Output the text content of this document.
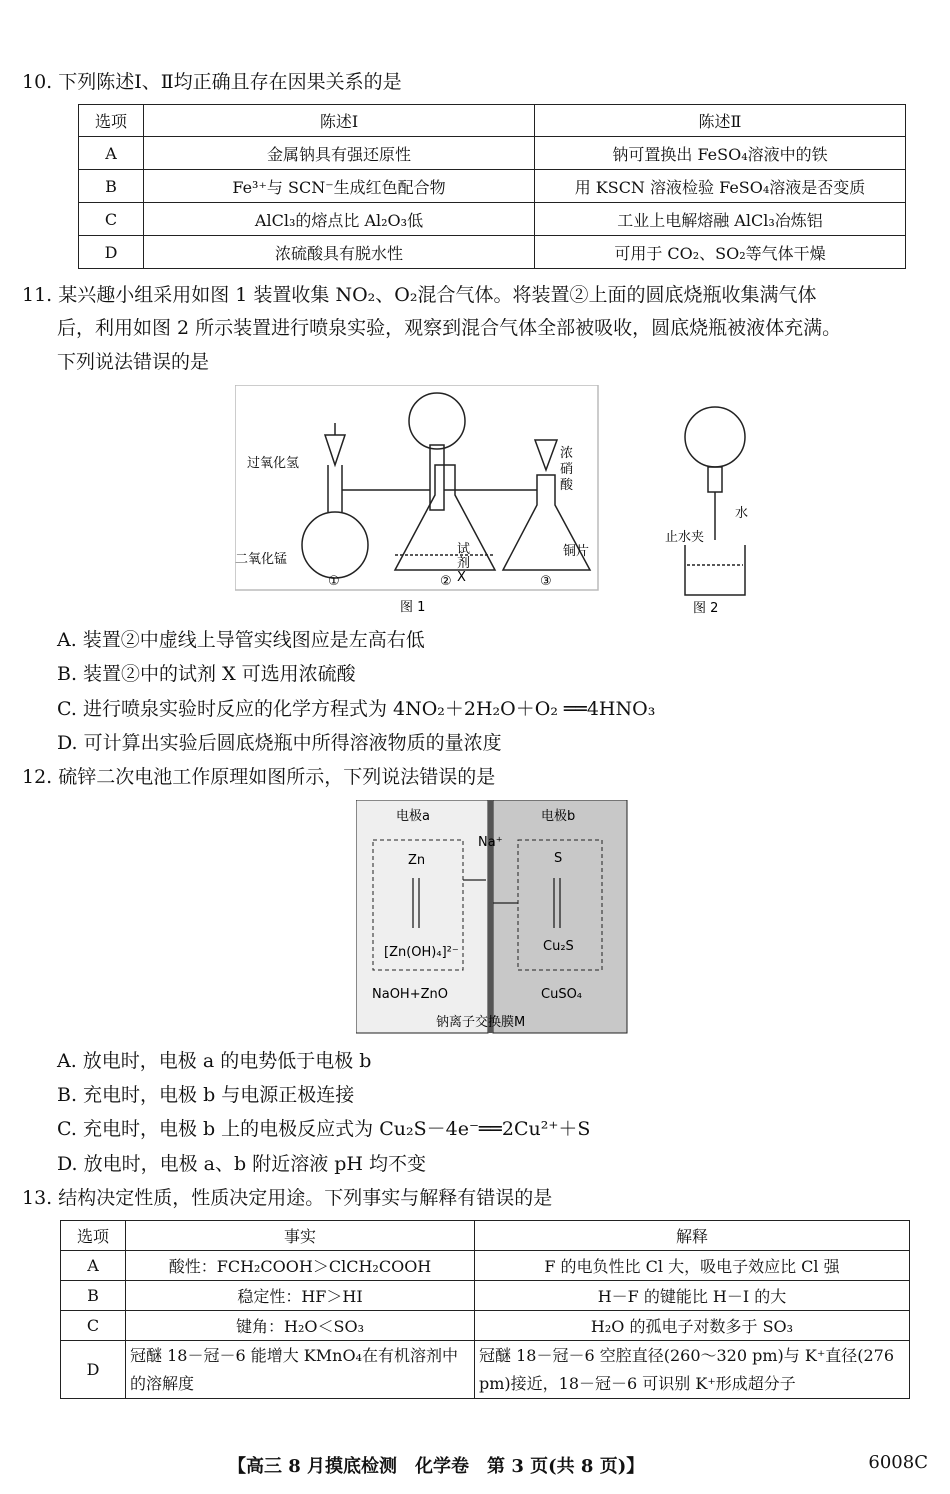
10. 下列陈述Ⅰ、Ⅱ均正确且存在因果关系的是
选项	陈述Ⅰ	陈述Ⅱ
A	金属钠具有强还原性	钠可置换出 FeSO₄溶液中的铁
B	Fe³⁺与 SCN⁻生成红色配合物	用 KSCN 溶液检验 FeSO₄溶液是否变质
C	AlCl₃的熔点比 Al₂O₃低	工业上电解熔融 AlCl₃冶炼铝
D	浓硫酸具有脱水性	可用于 CO₂、SO₂等气体干燥
11. 某兴趣小组采用如图 1 装置收集 NO₂、O₂混合气体。将装置②上面的圆底烧瓶收集满气体
后，利用如图 2 所示装置进行喷泉实验，观察到混合气体全部被吸收，圆底烧瓶被液体充满。
下列说法错误的是
过氧化氢
二氧化锰
试
剂
X
浓
硝
酸
铜片
①	②	③
图 1
水
止水夹
图 2
A. 装置②中虚线上导管实线图应是左高右低
B. 装置②中的试剂 X 可选用浓硫酸
C. 进行喷泉实验时反应的化学方程式为 4NO₂＋2H₂O＋O₂ ══4HNO₃
D. 可计算出实验后圆底烧瓶中所得溶液物质的量浓度
12. 硫锌二次电池工作原理如图所示，下列说法错误的是
电极a	电极b
Na⁺
Zn
[Zn(OH)₄]²⁻
S
Cu₂S
NaOH+ZnO	CuSO₄
钠离子交换膜M
A. 放电时，电极 a 的电势低于电极 b
B. 充电时，电极 b 与电源正极连接
C. 充电时，电极 b 上的电极反应式为 Cu₂S－4e⁻══2Cu²⁺＋S
D. 放电时，电极 a、b 附近溶液 pH 均不变
13. 结构决定性质，性质决定用途。下列事实与解释有错误的是
选项	事实	解释
A	酸性：FCH₂COOH＞ClCH₂COOH	F 的电负性比 Cl 大，吸电子效应比 Cl 强
B	稳定性：HF＞HI	H－F 的键能比 H－I 的大
C	键角：H₂O＜SO₃	H₂O 的孤电子对数多于 SO₃
D	冠醚 18－冠－6 能增大 KMnO₄在有机溶剂中的溶解度	冠醚 18－冠－6 空腔直径(260～320 pm)与 K⁺直径(276 pm)接近，18－冠－6 可识别 K⁺形成超分子
【高三 8 月摸底检测　化学卷　第 3 页(共 8 页)】	6008C
